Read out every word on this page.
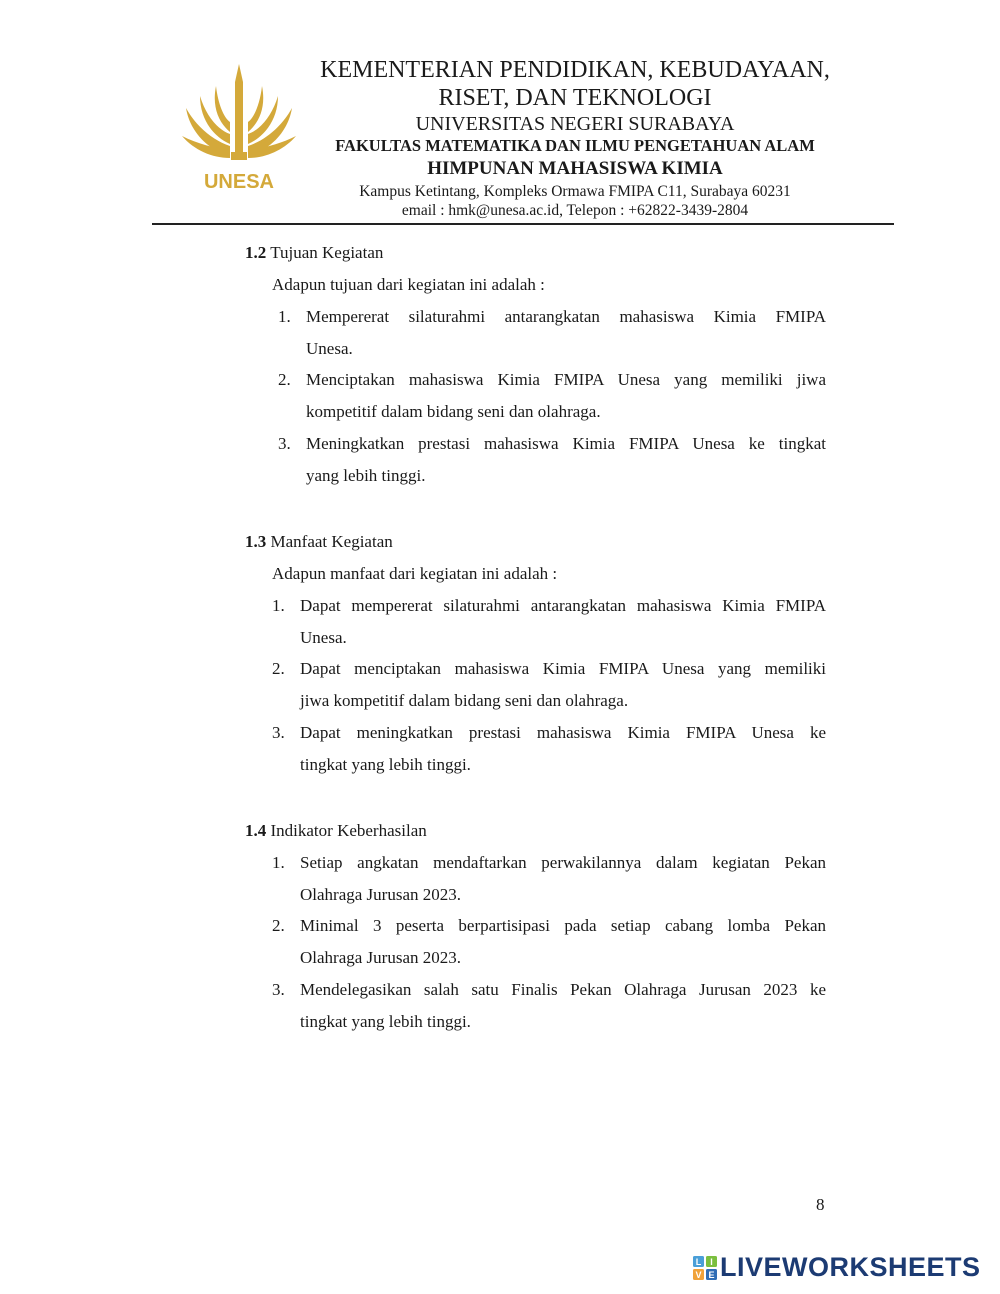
UNESA
KEMENTERIAN PENDIDIKAN, KEBUDAYAAN,
RISET, DAN TEKNOLOGI
UNIVERSITAS NEGERI SURABAYA
FAKULTAS MATEMATIKA DAN ILMU PENGETAHUAN ALAM
HIMPUNAN MAHASISWA KIMIA
Kampus Ketintang, Kompleks Ormawa FMIPA C11, Surabaya 60231
email : hmk@unesa.ac.id, Telepon : +62822-3439-2804
1.2 Tujuan Kegiatan
Adapun tujuan dari kegiatan ini adalah :
1. Mempererat silaturahmi antarangkatan mahasiswa Kimia FMIPA
Unesa.
2. Menciptakan mahasiswa Kimia FMIPA Unesa yang memiliki jiwa
kompetitif dalam bidang seni dan olahraga.
3. Meningkatkan prestasi mahasiswa Kimia FMIPA Unesa ke tingkat
yang lebih tinggi.
1.3 Manfaat Kegiatan
Adapun manfaat dari kegiatan ini adalah :
1. Dapat mempererat silaturahmi antarangkatan mahasiswa Kimia FMIPA
Unesa.
2. Dapat menciptakan mahasiswa Kimia FMIPA Unesa yang memiliki
jiwa kompetitif dalam bidang seni dan olahraga.
3. Dapat meningkatkan prestasi mahasiswa Kimia FMIPA Unesa ke
tingkat yang lebih tinggi.
1.4 Indikator Keberhasilan
1. Setiap angkatan mendaftarkan perwakilannya dalam kegiatan Pekan
Olahraga Jurusan 2023.
2. Minimal 3 peserta berpartisipasi pada setiap cabang lomba Pekan
Olahraga Jurusan 2023.
3. Mendelegasikan salah satu Finalis Pekan Olahraga Jurusan 2023 ke
tingkat yang lebih tinggi.
8
L I
V E LIVEWORKSHEETS
